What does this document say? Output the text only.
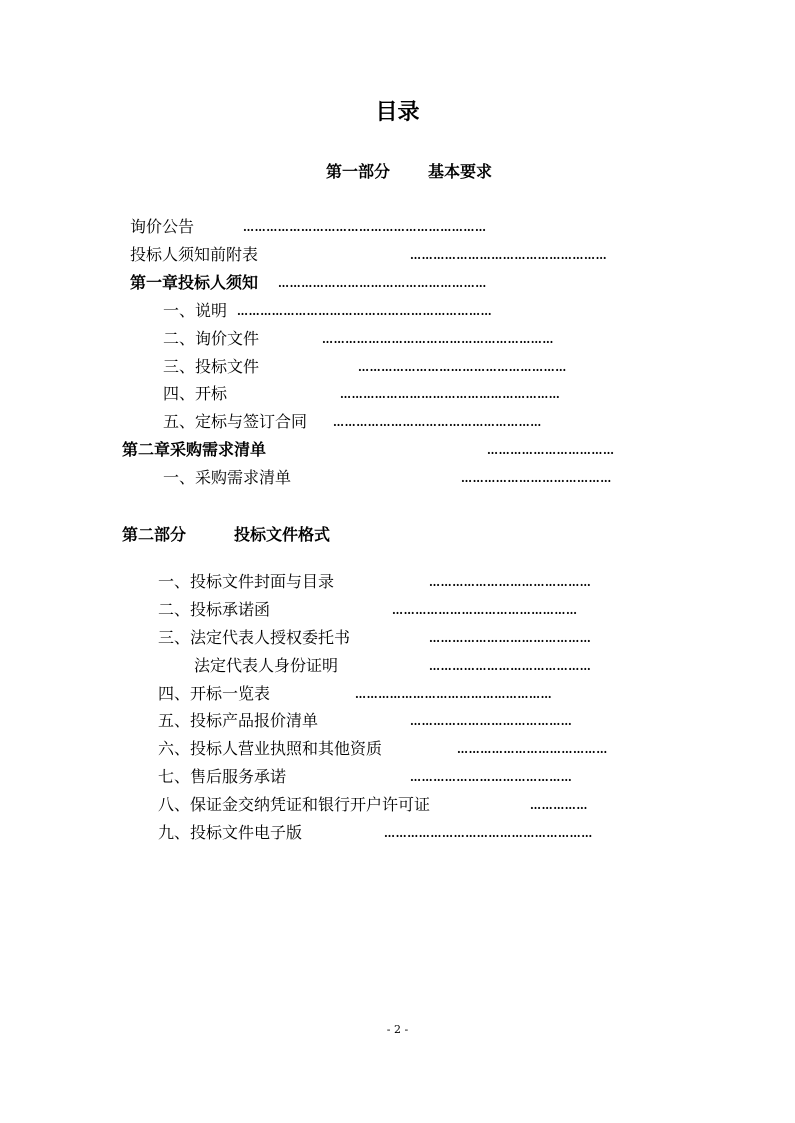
目录
第一部分 基本要求
询价公告	………………………………………………………
投标人须知前附表	……………………………………………
第一章投标人须知 ………………………………………………
一、说明 …………………………………………………………
二、询价文件	……………………………………………………
三、投标文件	………………………………………………
四、开标	…………………………………………………
五、定标与签订合同 ………………………………………………
第二章采购需求清单	……………………………
一、采购需求清单	…………………………………
第二部分	投标文件格式
一、投标文件封面与目录	……………………………………
二、投标承诺函	…………………………………………
三、法定代表人授权委托书	……………………………………
法定代表人身份证明	……………………………………
四、开标一览表	……………………………………………
五、投标产品报价清单	……………………………………
六、投标人营业执照和其他资质	…………………………………
七、售后服务承诺	……………………………………
八、保证金交纳凭证和银行开户许可证	……………
九、投标文件电子版	………………………………………………
- 2 -
